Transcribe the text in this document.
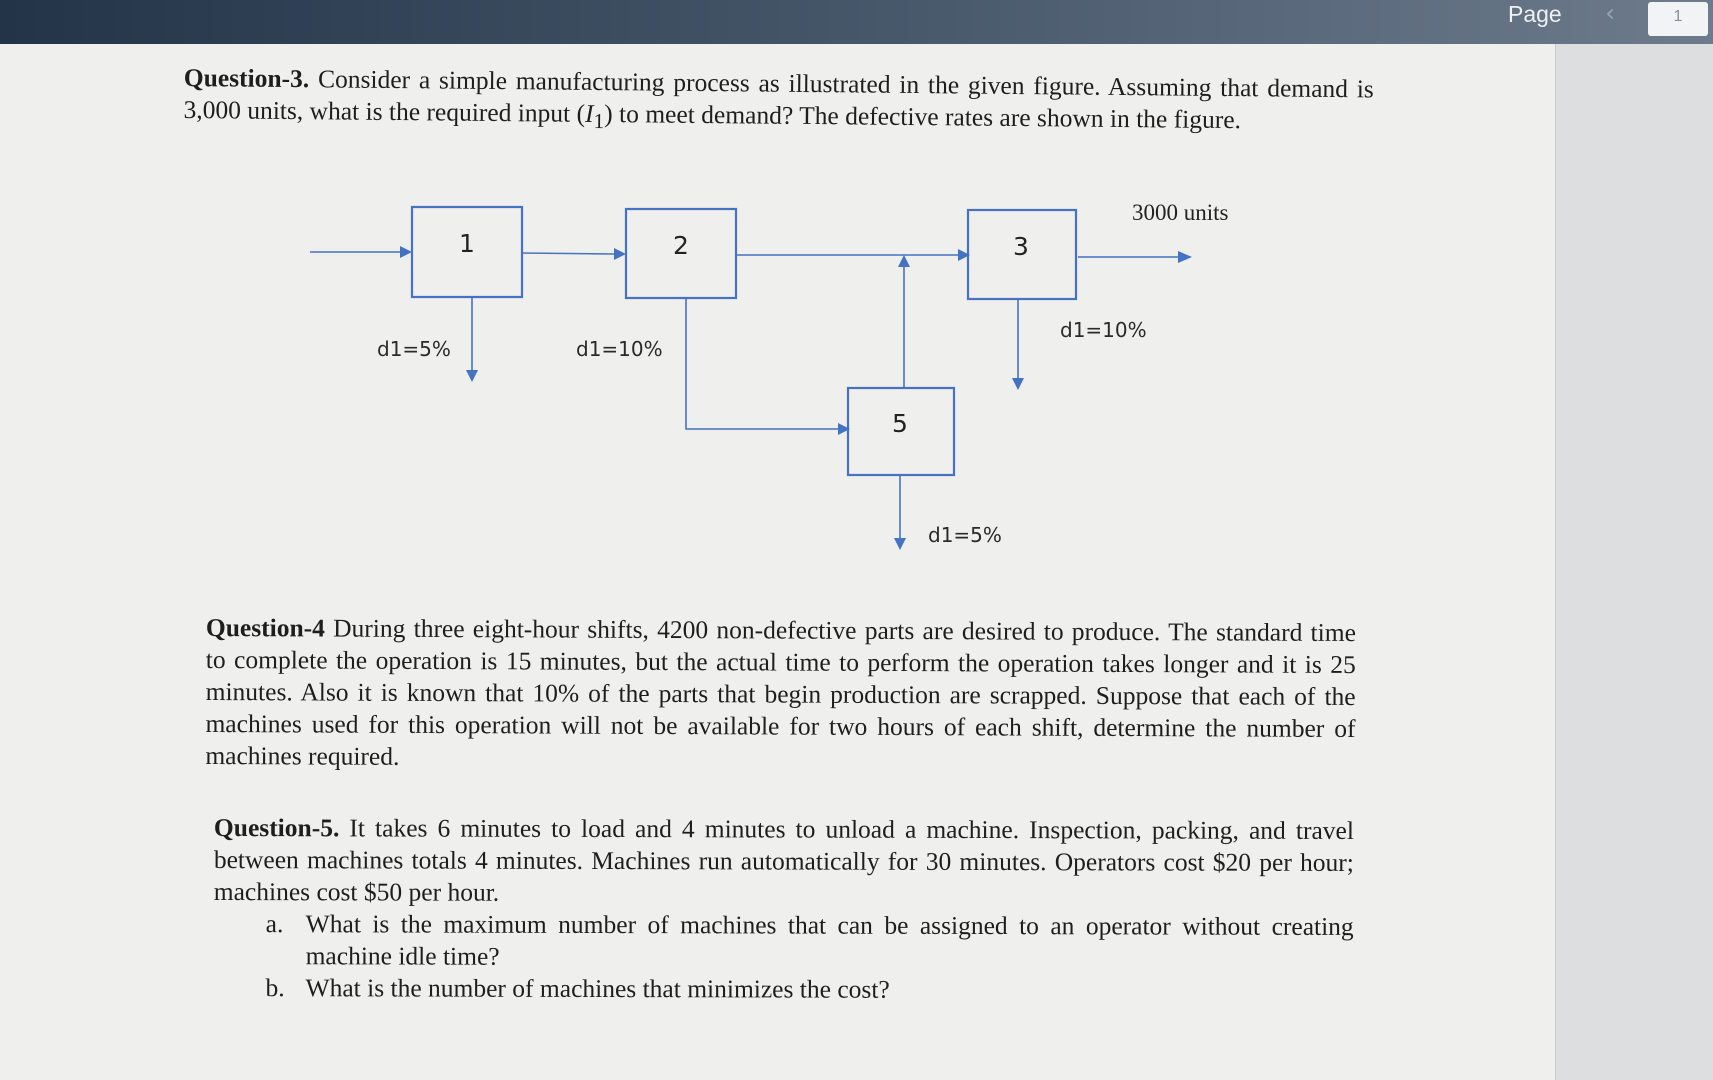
Page	‹	1

Question-3. Consider a simple manufacturing process as illustrated in the given figure. Assuming that demand is 3,000 units, what is the required input $(I_1)$ to meet demand? The defective rates are shown in the figure.

1	2	3
5
d1=5%	d1=10%
d1=10%
d1=5%
3000 units

Question-4 During three eight-hour shifts, 4200 non-defective parts are desired to produce. The standard time to complete the operation is 15 minutes, but the actual time to perform the operation takes longer and it is 25 minutes. Also it is known that 10% of the parts that begin production are scrapped. Suppose that each of the machines used for this operation will not be available for two hours of each shift, determine the number of machines required.

Question-5. It takes 6 minutes to load and 4 minutes to unload a machine. Inspection, packing, and travel between machines totals 4 minutes. Machines run automatically for 30 minutes. Operators cost $20 per hour; machines cost $50 per hour.

a. What is the maximum number of machines that can be assigned to an operator without creating machine idle time?

b. What is the number of machines that minimizes the cost?
